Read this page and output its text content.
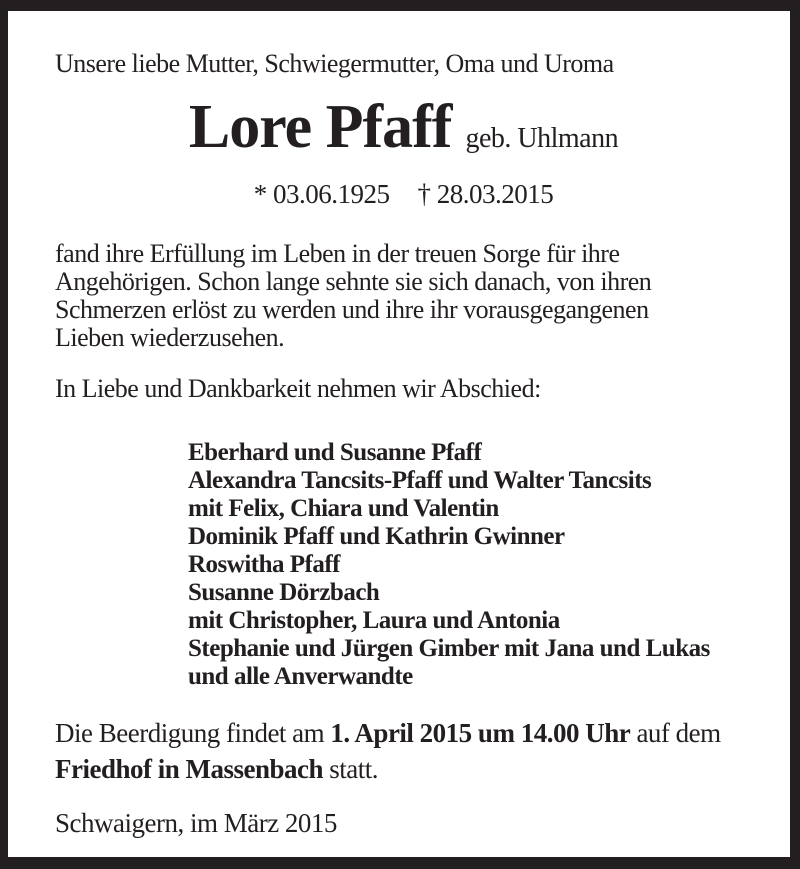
Unsere liebe Mutter, Schwiegermutter, Oma und Uroma

Lore Pfaff geb. Uhlmann
* 03.06.1925 † 28.03.2015
fand ihre Erfüllung im Leben in der treuen Sorge für ihre
Angehörigen. Schon lange sehnte sie sich danach, von ihren
Schmerzen erlöst zu werden und ihre ihr vorausgegangenen
Lieben wiederzusehen.

In Liebe und Dankbarkeit nehmen wir Abschied:

Eberhard und Susanne Pfaff
Alexandra Tancsits-Pfaff und Walter Tancsits
mit Felix, Chiara und Valentin
Dominik Pfaff und Kathrin Gwinner
Roswitha Pfaff
Susanne Dörzbach
mit Christopher, Laura und Antonia
Stephanie und Jürgen Gimber mit Jana und Lukas
und alle Anverwandte
Die Beerdigung findet am 1. April 2015 um 14.00 Uhr auf dem
Friedhof in Massenbach statt.

Schwaigern, im März 2015
